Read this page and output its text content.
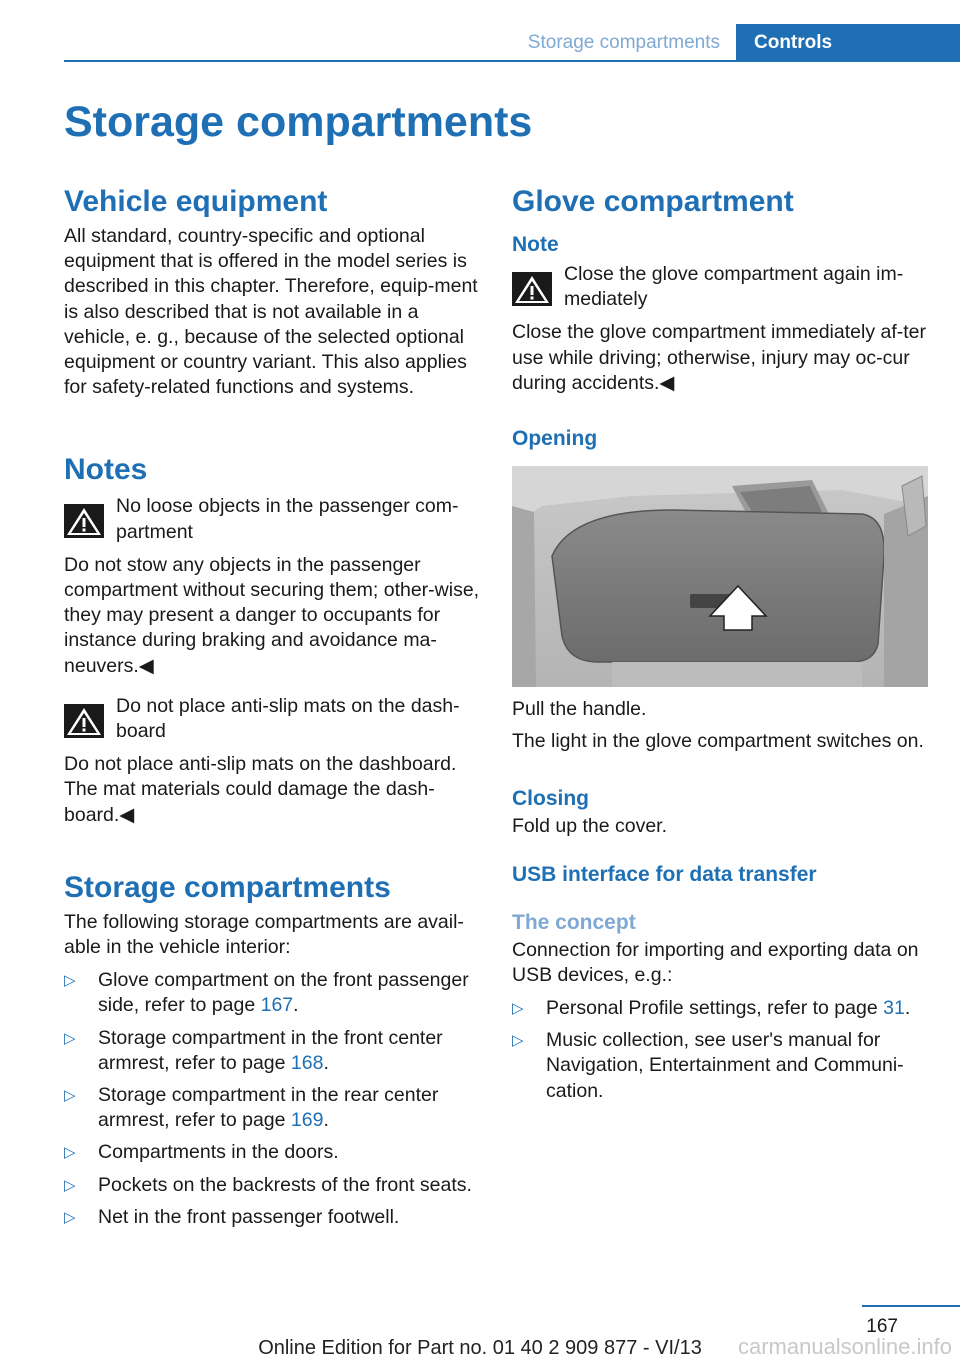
Storage compartments	Controls
Storage compartments
Vehicle equipment

All standard, country-specific and optional equipment that is offered in the model series is described in this chapter. Therefore, equip-ment is also described that is not available in a vehicle, e. g., because of the selected optional equipment or country variant. This also applies for safety-related functions and systems.

Notes

No loose objects in the passenger com-partment

Do not stow any objects in the passenger compartment without securing them; other-wise, they may present a danger to occupants for instance during braking and avoidance ma-neuvers.◀

Do not place anti-slip mats on the dash-board

Do not place anti-slip mats on the dashboard. The mat materials could damage the dash-board.◀

Storage compartments

The following storage compartments are avail-able in the vehicle interior:

▷ Glove compartment on the front passenger side, refer to page 167.
▷ Storage compartment in the front center armrest, refer to page 168.
▷ Storage compartment in the rear center armrest, refer to page 169.
▷ Compartments in the doors.
▷ Pockets on the backrests of the front seats.
▷ Net in the front passenger footwell.
Glove compartment
Note

Close the glove compartment again im-mediately

Close the glove compartment immediately af-ter use while driving; otherwise, injury may oc-cur during accidents.◀

Opening

Pull the handle.

The light in the glove compartment switches on.

Closing

Fold up the cover.

USB interface for data transfer
The concept

Connection for importing and exporting data on USB devices, e.g.:

▷ Personal Profile settings, refer to page 31.
▷ Music collection, see user's manual for Navigation, Entertainment and Communi-cation.
167
Online Edition for Part no. 01 40 2 909 877 - VI/13	carmanualsonline.info
